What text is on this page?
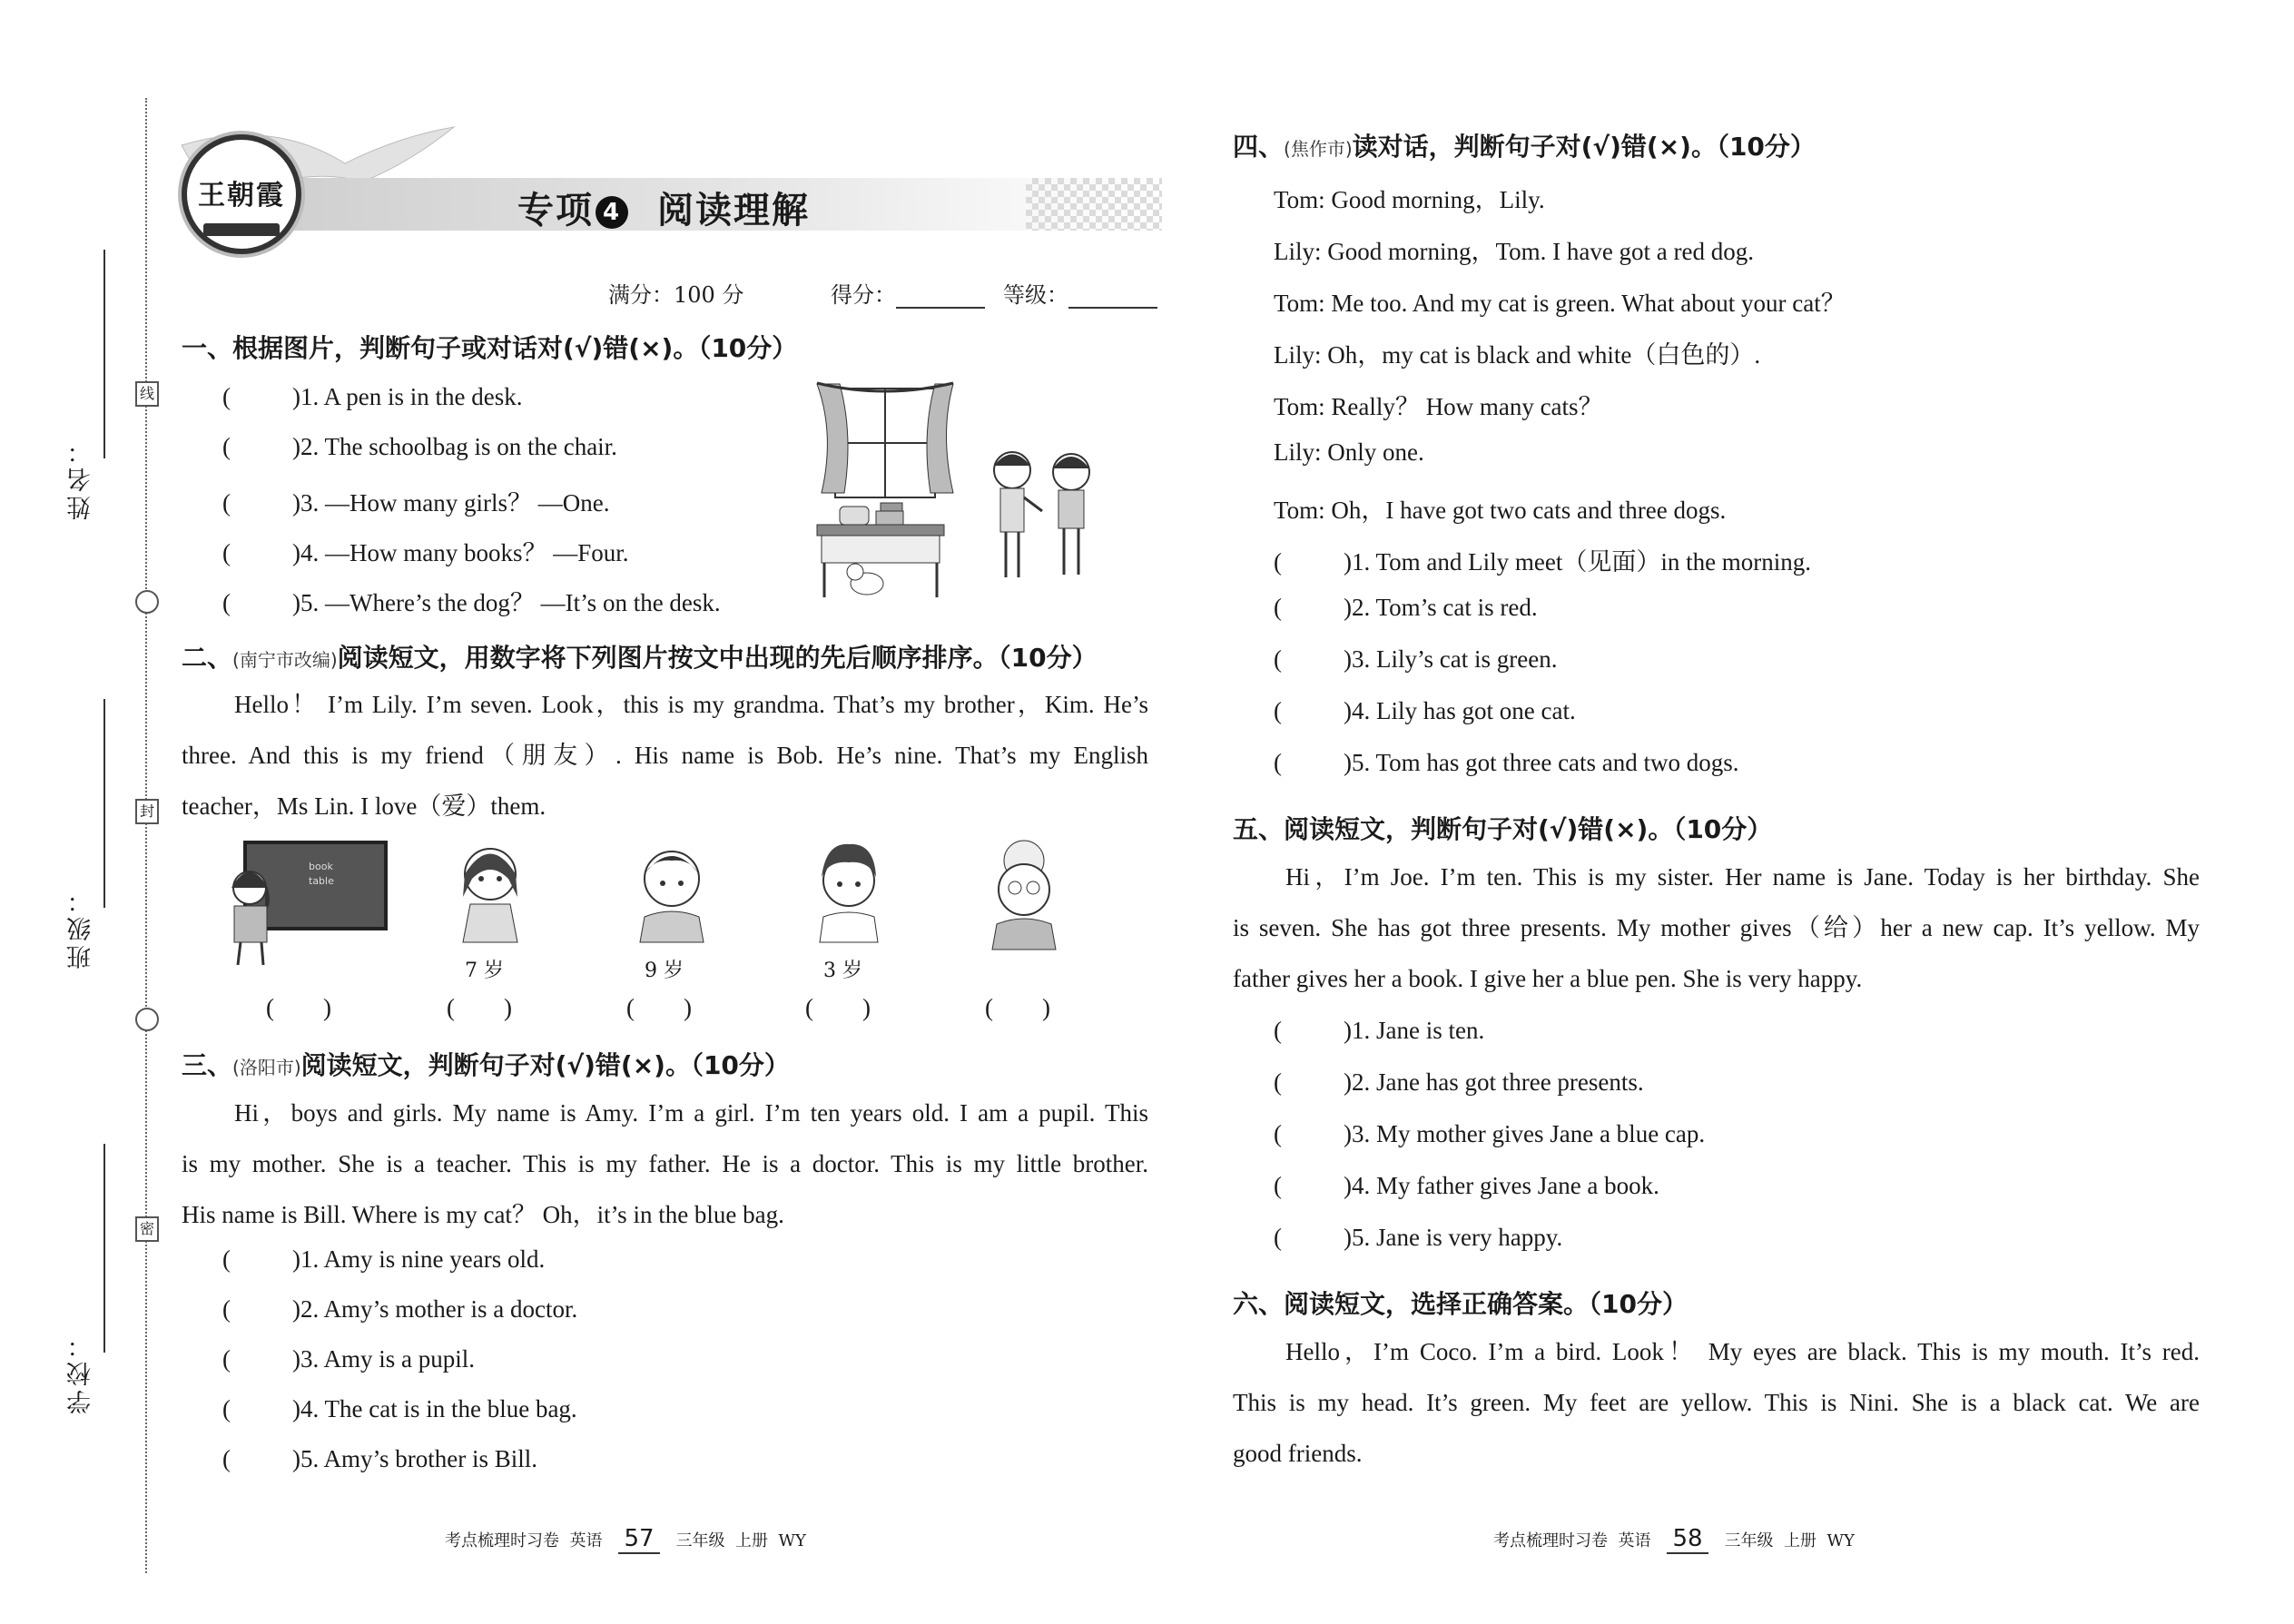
线
封
密
姓名：
班级：
学校：
王朝霞	专项 4 阅读理解
满分：100 分	得分：	等级：
一、根据图片，判断句子或对话对(√)错(×)。（10分）
(	)1. A pen is in the desk.
(	)2. The schoolbag is on the chair.
(	)3. —How many girls？ —One.
(	)4. —How many books？ —Four.
(	)5. —Where’s the dog？ —It’s on the desk.
二、(南宁市改编)阅读短文，用数字将下列图片按文中出现的先后顺序排序。（10分）
Hello！ I’m Lily. I’m seven. Look，this is my grandma. That’s my brother，Kim. He’s
three. And this is my friend（朋友）. His name is Bob. He’s nine. That’s my English
teacher，Ms Lin. I love（爱）them.
book
table
7 岁	9 岁	3 岁
(　　)	(　　)	(　　)	(　　)	(　　)
三、(洛阳市)阅读短文，判断句子对(√)错(×)。（10分）
Hi，boys and girls. My name is Amy. I’m a girl. I’m ten years old. I am a pupil. This
is my mother. She is a teacher. This is my father. He is a doctor. This is my little brother.
His name is Bill. Where is my cat？ Oh，it’s in the blue bag.
(	)1. Amy is nine years old.
(	)2. Amy’s mother is a doctor.
(	)3. Amy is a pupil.
(	)4. The cat is in the blue bag.
(	)5. Amy’s brother is Bill.
四、(焦作市)读对话，判断句子对(√)错(×)。（10分）
Tom: Good morning，Lily.
Lily: Good morning，Tom. I have got a red dog.
Tom: Me too. And my cat is green. What about your cat？
Lily: Oh，my cat is black and white（白色的）.
Tom: Really？ How many cats？
Lily: Only one.
Tom: Oh，I have got two cats and three dogs.
(	)1. Tom and Lily meet（见面）in the morning.
(	)2. Tom’s cat is red.
(	)3. Lily’s cat is green.
(	)4. Lily has got one cat.
(	)5. Tom has got three cats and two dogs.
五、阅读短文，判断句子对(√)错(×)。（10分）
Hi，I’m Joe. I’m ten. This is my sister. Her name is Jane. Today is her birthday. She
is seven. She has got three presents. My mother gives（给）her a new cap. It’s yellow. My
father gives her a book. I give her a blue pen. She is very happy.
(	)1. Jane is ten.
(	)2. Jane has got three presents.
(	)3. My mother gives Jane a blue cap.
(	)4. My father gives Jane a book.
(	)5. Jane is very happy.
六、阅读短文，选择正确答案。（10分）
Hello，I’m Coco. I’m a bird. Look！ My eyes are black. This is my mouth. It’s red.
This is my head. It’s green. My feet are yellow. This is Nini. She is a black cat. We are
good friends.
考点梳理时习卷 英语 57 三年级 上册 WY	考点梳理时习卷 英语 58 三年级 上册 WY
